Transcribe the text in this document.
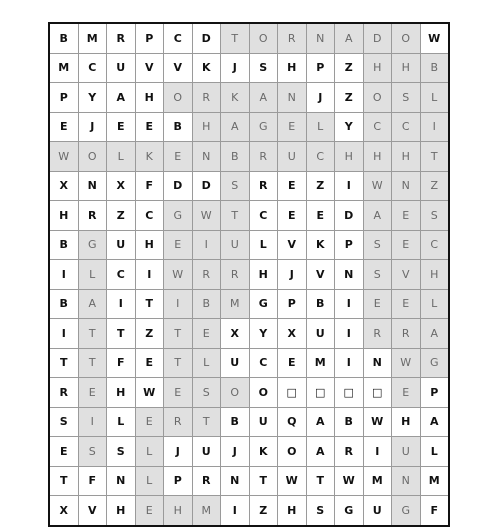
B	M	R	P	C	D	T	O	R	N	A	D	O	W
M	C	U	V	V	K	J	S	H	P	Z	H	H	B
P	Y	A	H	O	R	K	A	N	J	Z	O	S	L
E	J	E	E	B	H	A	G	E	L	Y	C	C	I
W	O	L	K	E	N	B	R	U	C	H	H	H	T
X	N	X	F	D	D	S	R	E	Z	I	W	N	Z
H	R	Z	C	G	W	T	C	E	E	D	A	E	S
B	G	U	H	E	I	U	L	V	K	P	S	E	C
I	L	C	I	W	R	R	H	J	V	N	S	V	H
B	A	I	T	I	B	M	G	P	B	I	E	E	L
I	T	T	Z	T	E	X	Y	X	U	I	R	R	A
T	T	F	E	T	L	U	C	E	M	I	N	W	G
R	E	H	W	E	S	O	O	□	□	□	□	E	P
S	I	L	E	R	T	B	U	Q	A	B	W	H	A
E	S	S	L	J	U	J	K	O	A	R	I	U	L
T	F	N	L	P	R	N	T	W	T	W	M	N	M
X	V	H	E	H	M	I	Z	H	S	G	U	G	F
